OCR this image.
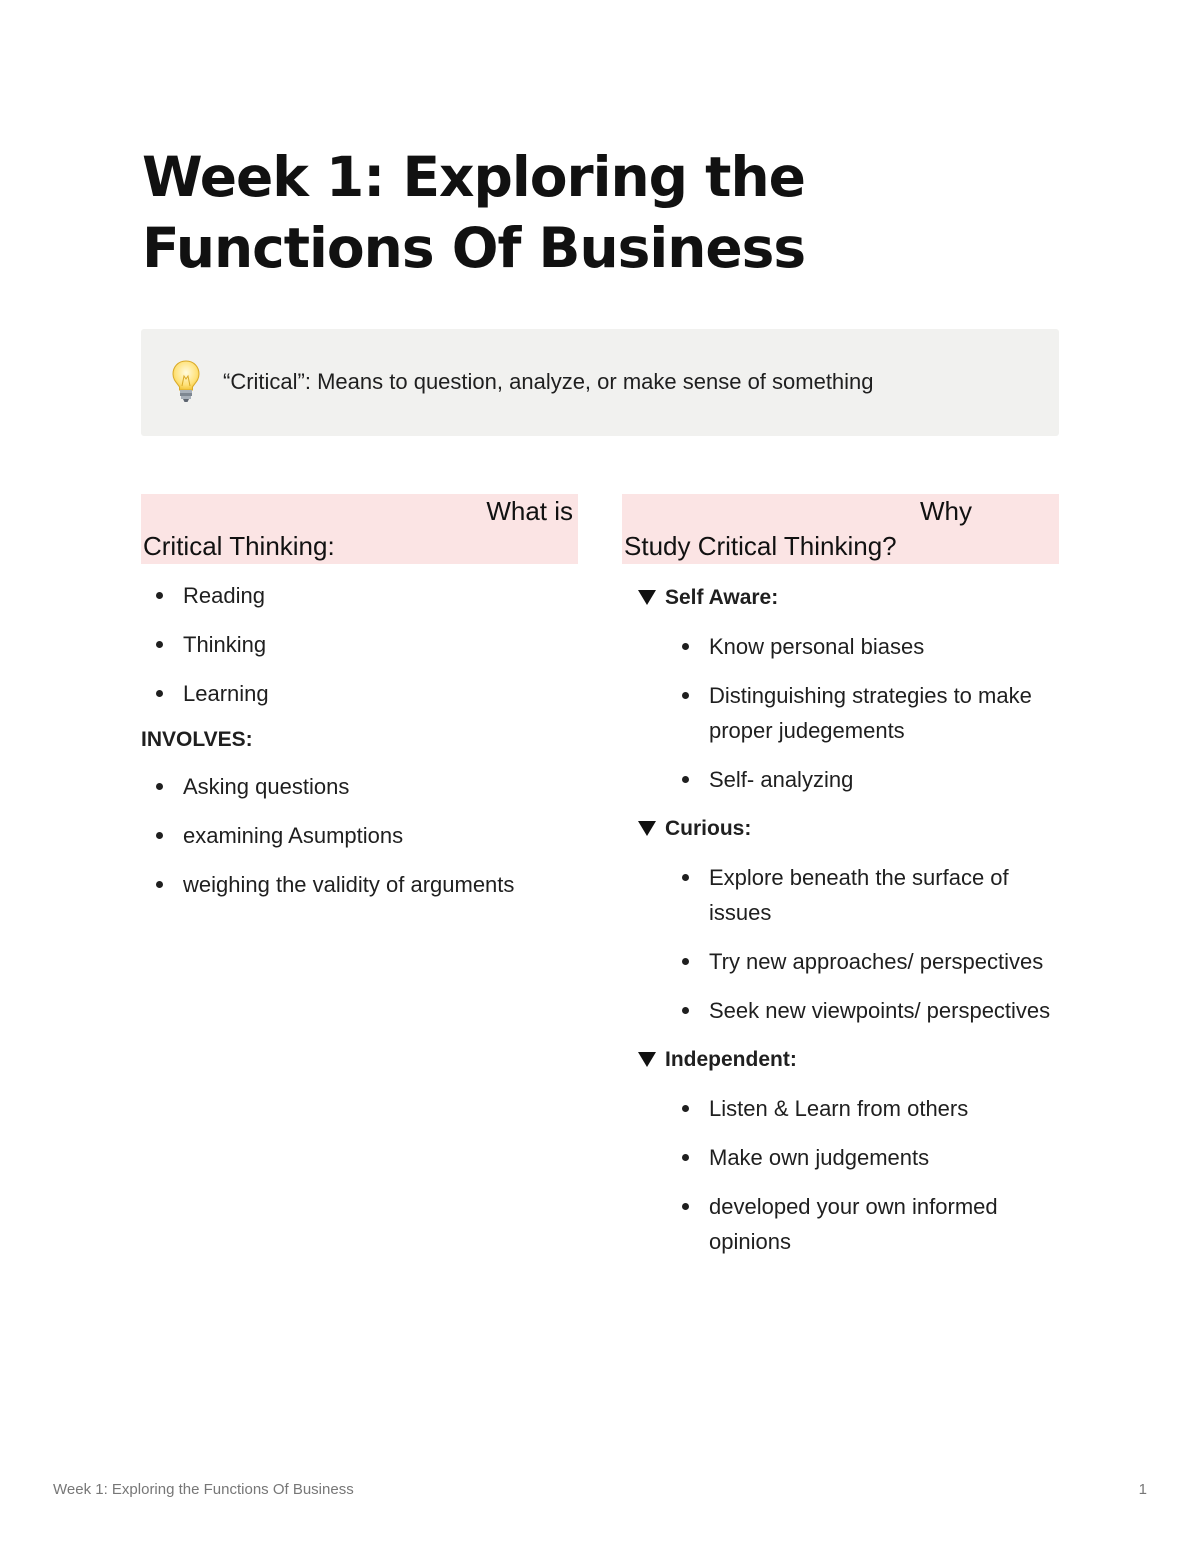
Week 1: Exploring the Functions Of Business
“Critical”: Means to question, analyze, or make sense of something
What is
Critical Thinking:
Reading
Thinking
Learning
INVOLVES:
Asking questions
examining Asumptions
weighing the validity of arguments
Why
Study Critical Thinking?
Self Aware:
Know personal biases
Distinguishing strategies to make proper judegements
Self- analyzing
Curious:
Explore beneath the surface of issues
Try new approaches/ perspectives
Seek new viewpoints/ perspectives
Independent:
Listen & Learn from others
Make own judgements
developed your own informed opinions
Week 1: Exploring the Functions Of Business	1
